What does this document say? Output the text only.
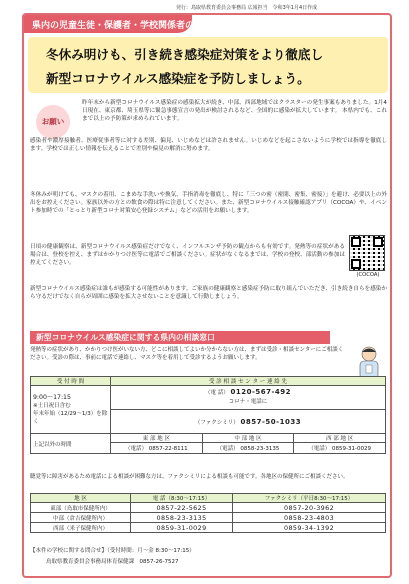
発行：鳥取県教育委員会事務局 広報担当　令和3年1月4日作成
県内の児童生徒・保護者・学校関係者の皆さまへ
冬休み明けも、引き続き感染症対策をより徹底し
新型コロナウイルス感染症を予防しましょう。
お願い
昨年末から新型コロナウイルス感染症の感染拡大が続き、中部、西部地域ではクラスターの発生事案もありました。1月4日現在、東京都、埼玉県等に緊急事態宣言の発出が検討されるなど、全国的に感染が拡大しています。 本県内でも、これまで以上の予防策が求められています。
感染者や濃厚接触者、医療従事者等に対する差別、偏見、いじめなどは許されません。いじめなどを起こさないように学校では指導を徹底します。学校では正しい情報を伝えることで差別や偏見の解消に努めます。
冬休みが明けても、マスクの着用、こまめな手洗いや換気、手指消毒を徹底し、特に「三つの密（密閉、密集、密接）」を避け、必要以上の外出をお控えください。家族以外の方との飲食の際は特に注意してください。また、新型コロナウイルス接触確認アプリ（COCOA）や、イベント参加時での「とっとり新型コロナ対策安心登録システム」などの活用をお願いします。
日頃の健康観察は、新型コロナウイルス感染症だけでなく、インフルエンザ予防の観点からも有効です。発熱等の症状がある場合は、登校を控え、まずはかかりつけ医等に電話でご相談ください。症状がなくなるまでは、学校の登校、部活動の参加は控えてください。
(COCOA)
新型コロナウイルス感染症は誰もが感染する可能性があります。ご家族の健康観察と感染症予防に取り組んでいただき、引き続き自らを感染から守るだけでなく自らが周囲に感染を拡大させないことを意識して行動しましょう。
新型コロナウイルス感染症に関する県内の相談窓口
発熱等の症状があり、かかりつけ医がいない方、どこに相談してよいか分からない方は、まずは受診・相談センターにご相談ください。受診の際は、事前に電話で連絡し、マスク等を着用して受診するようお願いします。
受 付 時 間	受 診 相 談 セ ン タ ー 連 絡 先		
9:00〜17:15
※土日祝日含む
年末年始（12/29〜1/3）を除く	（電 話） 0120-567-492
コロナ・電話に		
	（ファクシミリ） 0857-50-1033		
上記以外の時間	東 部 地 区	中 部 地 区	西 部 地 区
	（電話） 0857-22-8111	（電話） 0858-23-3135	（電話） 0859-31-0029
聴覚等に障害があるため電話による相談が困難な方は、ファクシミリによる相談も可能です。各地区の保健所にご相談ください。
地 区	電 話（8:30〜17:15）	ファクシミリ（平日8:30〜17:15）
東部（鳥取市保健所内）	0857-22-5625	0857-20-3962
中部（倉吉保健所内）	0858-23-3135	0858-23-4803
西部（米子保健所内）	0859-31-0029	0859-34-1392
【本件の学校に関する問合せ】（受付時間：月〜金 8:30〜17:15）
鳥取県教育委員会事務局体育保健課　0857-26-7527
